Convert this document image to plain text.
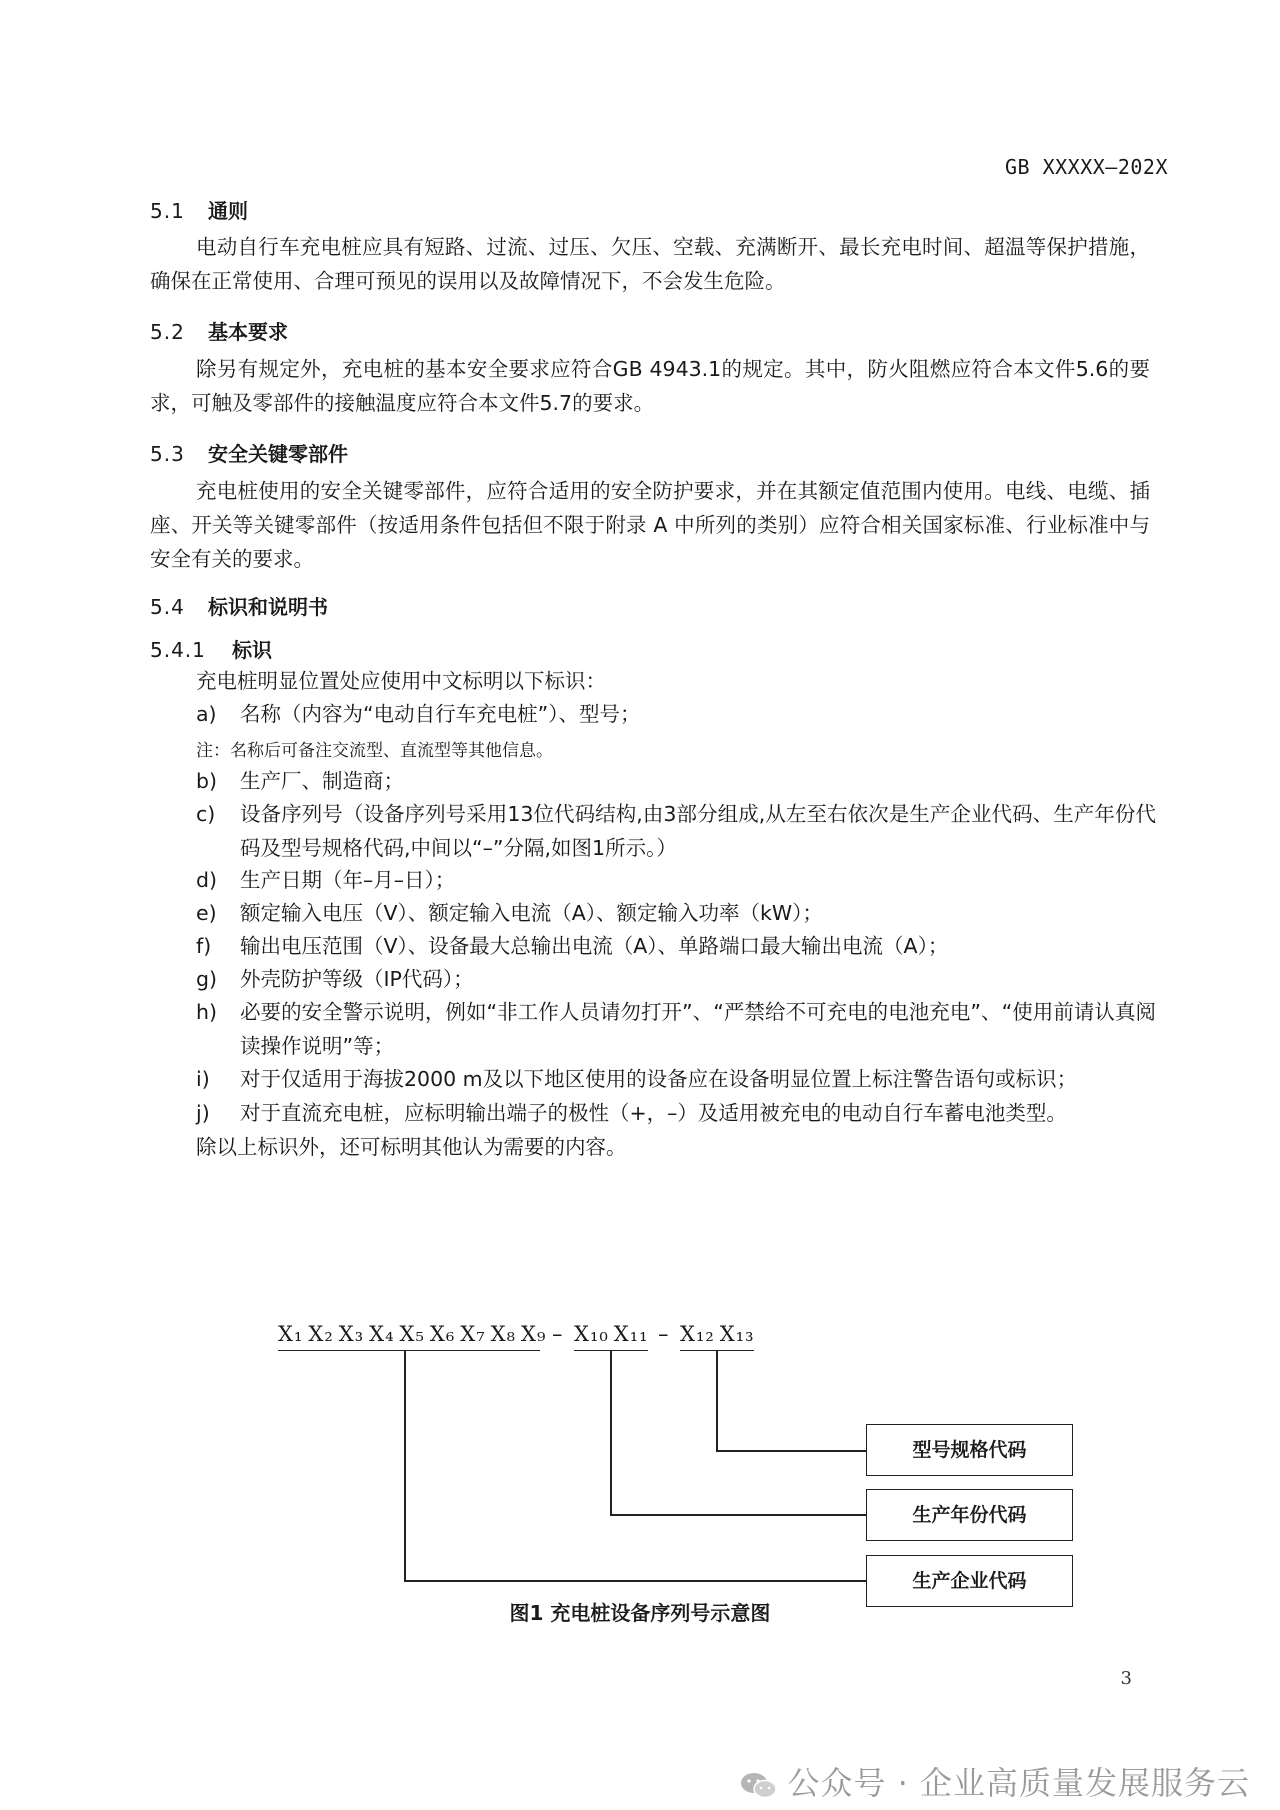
GB XXXXX—202X
5.1 通则
电动自行车充电桩应具有短路、过流、过压、欠压、空载、充满断开、最长充电时间、超温等保护措施，确保在正常使用、合理可预见的误用以及故障情况下，不会发生危险。
5.2 基本要求
除另有规定外，充电桩的基本安全要求应符合GB 4943.1的规定。其中，防火阻燃应符合本文件5.6的要求，可触及零部件的接触温度应符合本文件5.7的要求。
5.3 安全关键零部件
充电桩使用的安全关键零部件，应符合适用的安全防护要求，并在其额定值范围内使用。电线、电缆、插座、开关等关键零部件（按适用条件包括但不限于附录 A 中所列的类别）应符合相关国家标准、行业标准中与安全有关的要求。
5.4 标识和说明书
5.4.1 标识
充电桩明显位置处应使用中文标明以下标识：
a)	名称（内容为“电动自行车充电桩”）、型号；
注：名称后可备注交流型、直流型等其他信息。
b)	生产厂、制造商；
c)	设备序列号（设备序列号采用13位代码结构,由3部分组成,从左至右依次是生产企业代码、生产年份代码及型号规格代码,中间以“–”分隔,如图1所示。）
d)	生产日期（年–月–日）；
e)	额定输入电压（V）、额定输入电流（A）、额定输入功率（kW）；
f)	输出电压范围（V）、设备最大总输出电流（A）、单路端口最大输出电流（A）；
g)	外壳防护等级（IP代码）；
h)	必要的安全警示说明，例如“非工作人员请勿打开”、“严禁给不可充电的电池充电”、“使用前请认真阅读操作说明”等；
i)	对于仅适用于海拔2000 m及以下地区使用的设备应在设备明显位置上标注警告语句或标识；
j)	对于直流充电桩，应标明输出端子的极性（+，–）及适用被充电的电动自行车蓄电池类型。
除以上标识外，还可标明其他认为需要的内容。
X₁ X₂ X₃ X₄ X₅ X₆ X₇ X₈ X₉ – X₁₀ X₁₁ – X₁₂ X₁₃
型号规格代码
生产年份代码
生产企业代码
图1 充电桩设备序列号示意图
3
公众号 · 企业高质量发展服务云
